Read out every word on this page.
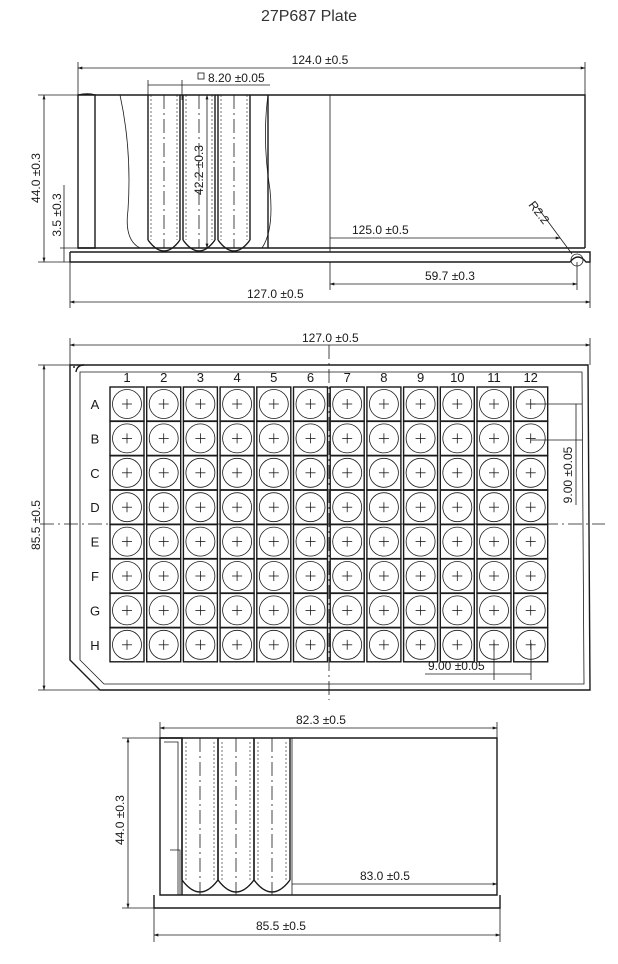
27P687 Plate
124.0 ±0.5
8.20 ±0.05
44.0 ±0.3
3.5 ±0.3
42.2 ±0.3
R2.2
125.0 ±0.5
59.7 ±0.3
127.0 ±0.5
1 2 3 4 5 6 7 8 9 10 11 12
A
B
C
D
E
F
G
H
127.0 ±0.5
85.5 ±0.5
9.00 ±0.05
9.00 ±0.05
82.3 ±0.5
44.0 ±0.3
83.0 ±0.5
85.5 ±0.5
